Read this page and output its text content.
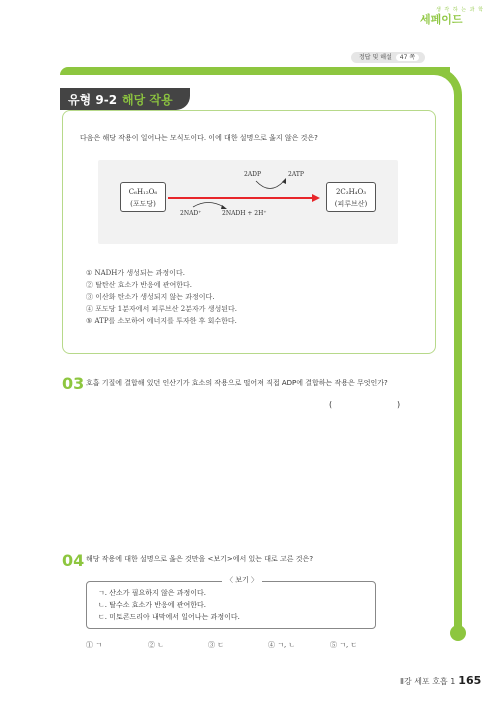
생 각 하 는 과 학
세페이드
정답 및 해설 47 쪽
유형 9-2 해당 작용
다음은 해당 작용이 일어나는 모식도이다. 이에 대한 설명으로 옳지 않은 것은?
C₆H₁₂O₆
(포도당)
2C₃H₄O₃
(피루브산)
2ADP	2ATP
2NAD⁺	2NADH + 2H⁺
① NADH가 생성되는 과정이다.
② 탈탄산 효소가 반응에 관여한다.
③ 이산화 탄소가 생성되지 않는 과정이다.
④ 포도당 1분자에서 피루브산 2분자가 생성된다.
⑤ ATP를 소모하여 에너지를 투자한 후 회수한다.
03 호흡 기질에 결합해 있던 인산기가 효소의 작용으로 떨어져 직접 ADP에 결합하는 작용은 무엇인가?
(	)
04 해당 작용에 대한 설명으로 옳은 것만을 <보기>에서 있는 대로 고른 것은?
〈 보기 〉
ㄱ. 산소가 필요하지 않은 과정이다.
ㄴ. 탈수소 효소가 반응에 관여한다.
ㄷ. 미토콘드리아 내막에서 일어나는 과정이다.
① ㄱ	② ㄴ	③ ㄷ	④ ㄱ, ㄴ	⑤ ㄱ, ㄷ
Ⅱ강 세포 호흡 1 165
